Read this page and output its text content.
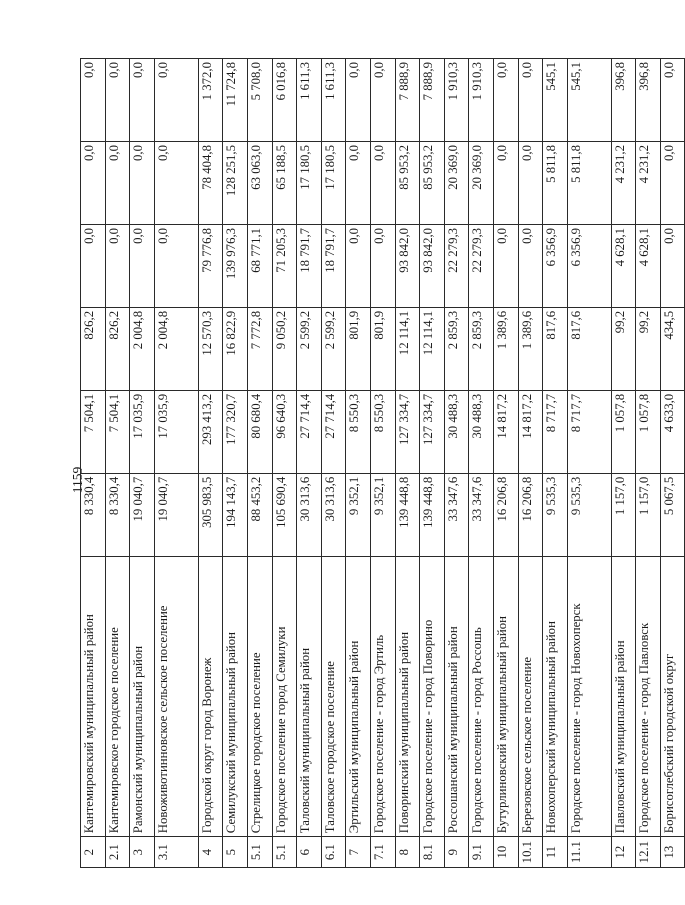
1159
2	Кантемировский муниципальный район	8 330,4	7 504,1	826,2	0,0	0,0	0,0
2.1	Кантемировское городское поселение	8 330,4	7 504,1	826,2	0,0	0,0	0,0
3	Рамонский муниципальный район	19 040,7	17 035,9	2 004,8	0,0	0,0	0,0
3.1	Новоживотинновское сельское поселение	19 040,7	17 035,9	2 004,8	0,0	0,0	0,0
4	Городской округ город Воронеж	305 983,5	293 413,2	12 570,3	79 776,8	78 404,8	1 372,0
5	Семилукский муниципальный район	194 143,7	177 320,7	16 822,9	139 976,3	128 251,5	11 724,8
5.1	Стрелицкое городское поселение	88 453,2	80 680,4	7 772,8	68 771,1	63 063,0	5 708,0
5.1	Городское поселение город Семилуки	105 690,4	96 640,3	9 050,2	71 205,3	65 188,5	6 016,8
6	Таловский муниципальный район	30 313,6	27 714,4	2 599,2	18 791,7	17 180,5	1 611,3
6.1	Таловское городское поселение	30 313,6	27 714,4	2 599,2	18 791,7	17 180,5	1 611,3
7	Эртильский муниципальный район	9 352,1	8 550,3	801,9	0,0	0,0	0,0
7.1	Городское поселение - город Эртиль	9 352,1	8 550,3	801,9	0,0	0,0	0,0
8	Поворинский муниципальный район	139 448,8	127 334,7	12 114,1	93 842,0	85 953,2	7 888,9
8.1	Городское поселение - город Поворино	139 448,8	127 334,7	12 114,1	93 842,0	85 953,2	7 888,9
9	Россошанский муниципальный район	33 347,6	30 488,3	2 859,3	22 279,3	20 369,0	1 910,3
9.1	Городское поселение - город Россошь	33 347,6	30 488,3	2 859,3	22 279,3	20 369,0	1 910,3
10	Бутурлиновский муниципальный район	16 206,8	14 817,2	1 389,6	0,0	0,0	0,0
10.1	Березовское сельское поселение	16 206,8	14 817,2	1 389,6	0,0	0,0	0,0
11	Новохоперский муниципальный район	9 535,3	8 717,7	817,6	6 356,9	5 811,8	545,1
11.1	Городское поселение - город Новохоперск	9 535,3	8 717,7	817,6	6 356,9	5 811,8	545,1
12	Павловский муниципальный район	1 157,0	1 057,8	99,2	4 628,1	4 231,2	396,8
12.1	Городское поселение - город Павловск	1 157,0	1 057,8	99,2	4 628,1	4 231,2	396,8
13	Борисоглебский городской округ	5 067,5	4 633,0	434,5	0,0	0,0	0,0
